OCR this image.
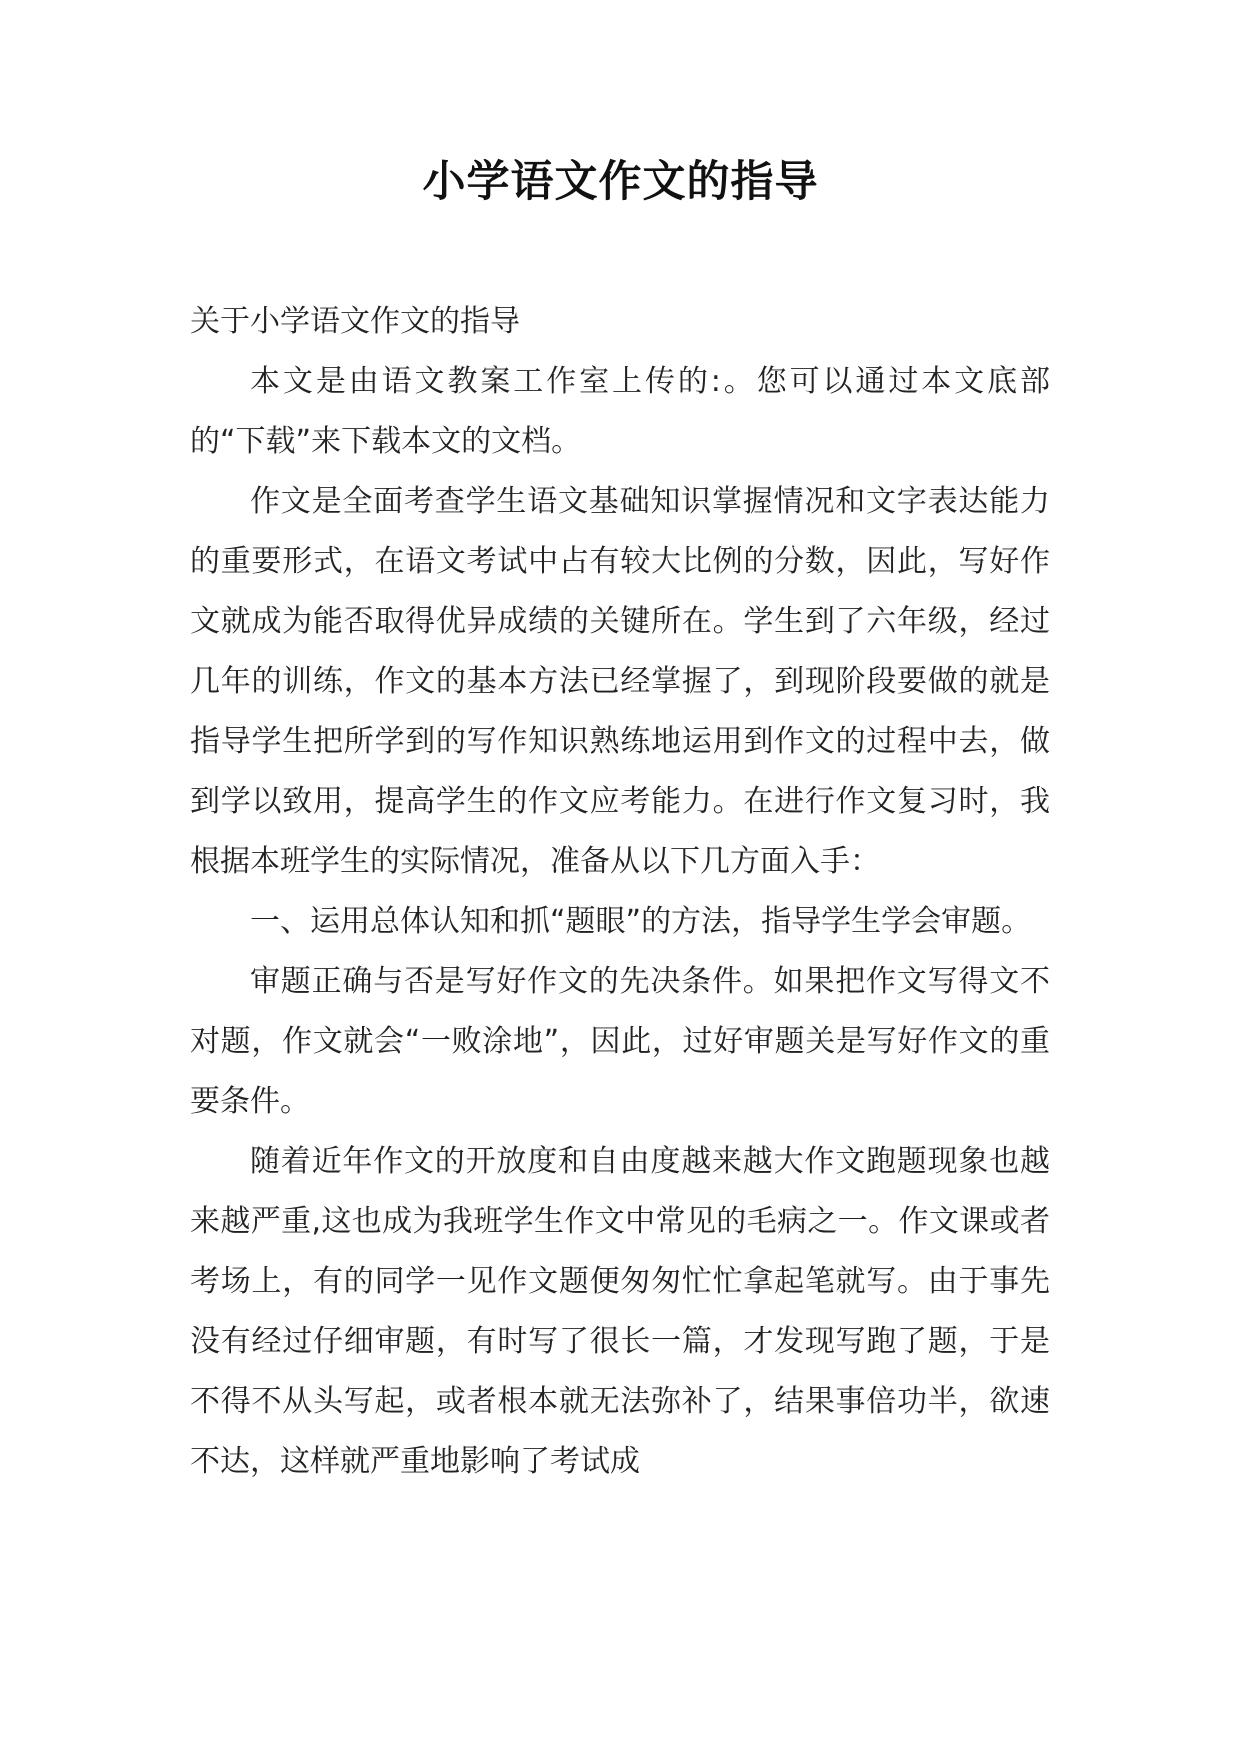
小学语文作文的指导

关于小学语文作文的指导

本文是由语文教案工作室上传的:。您可以通过本文底部的“下载”来下载本文的文档。

作文是全面考查学生语文基础知识掌握情况和文字表达能力的重要形式，在语文考试中占有较大比例的分数，因此，写好作文就成为能否取得优异成绩的关键所在。学生到了六年级，经过几年的训练，作文的基本方法已经掌握了，到现阶段要做的就是指导学生把所学到的写作知识熟练地运用到作文的过程中去，做到学以致用，提高学生的作文应考能力。在进行作文复习时，我根据本班学生的实际情况，准备从以下几方面入手：

一、运用总体认知和抓“题眼”的方法，指导学生学会审题。

审题正确与否是写好作文的先决条件。如果把作文写得文不对题，作文就会“一败涂地”，因此，过好审题关是写好作文的重要条件。

随着近年作文的开放度和自由度越来越大作文跑题现象也越来越严重,这也成为我班学生作文中常见的毛病之一。作文课或者考场上，有的同学一见作文题便匆匆忙忙拿起笔就写。由于事先没有经过仔细审题，有时写了很长一篇，才发现写跑了题，于是不得不从头写起，或者根本就无法弥补了，结果事倍功半，欲速不达，这样就严重地影响了考试成
